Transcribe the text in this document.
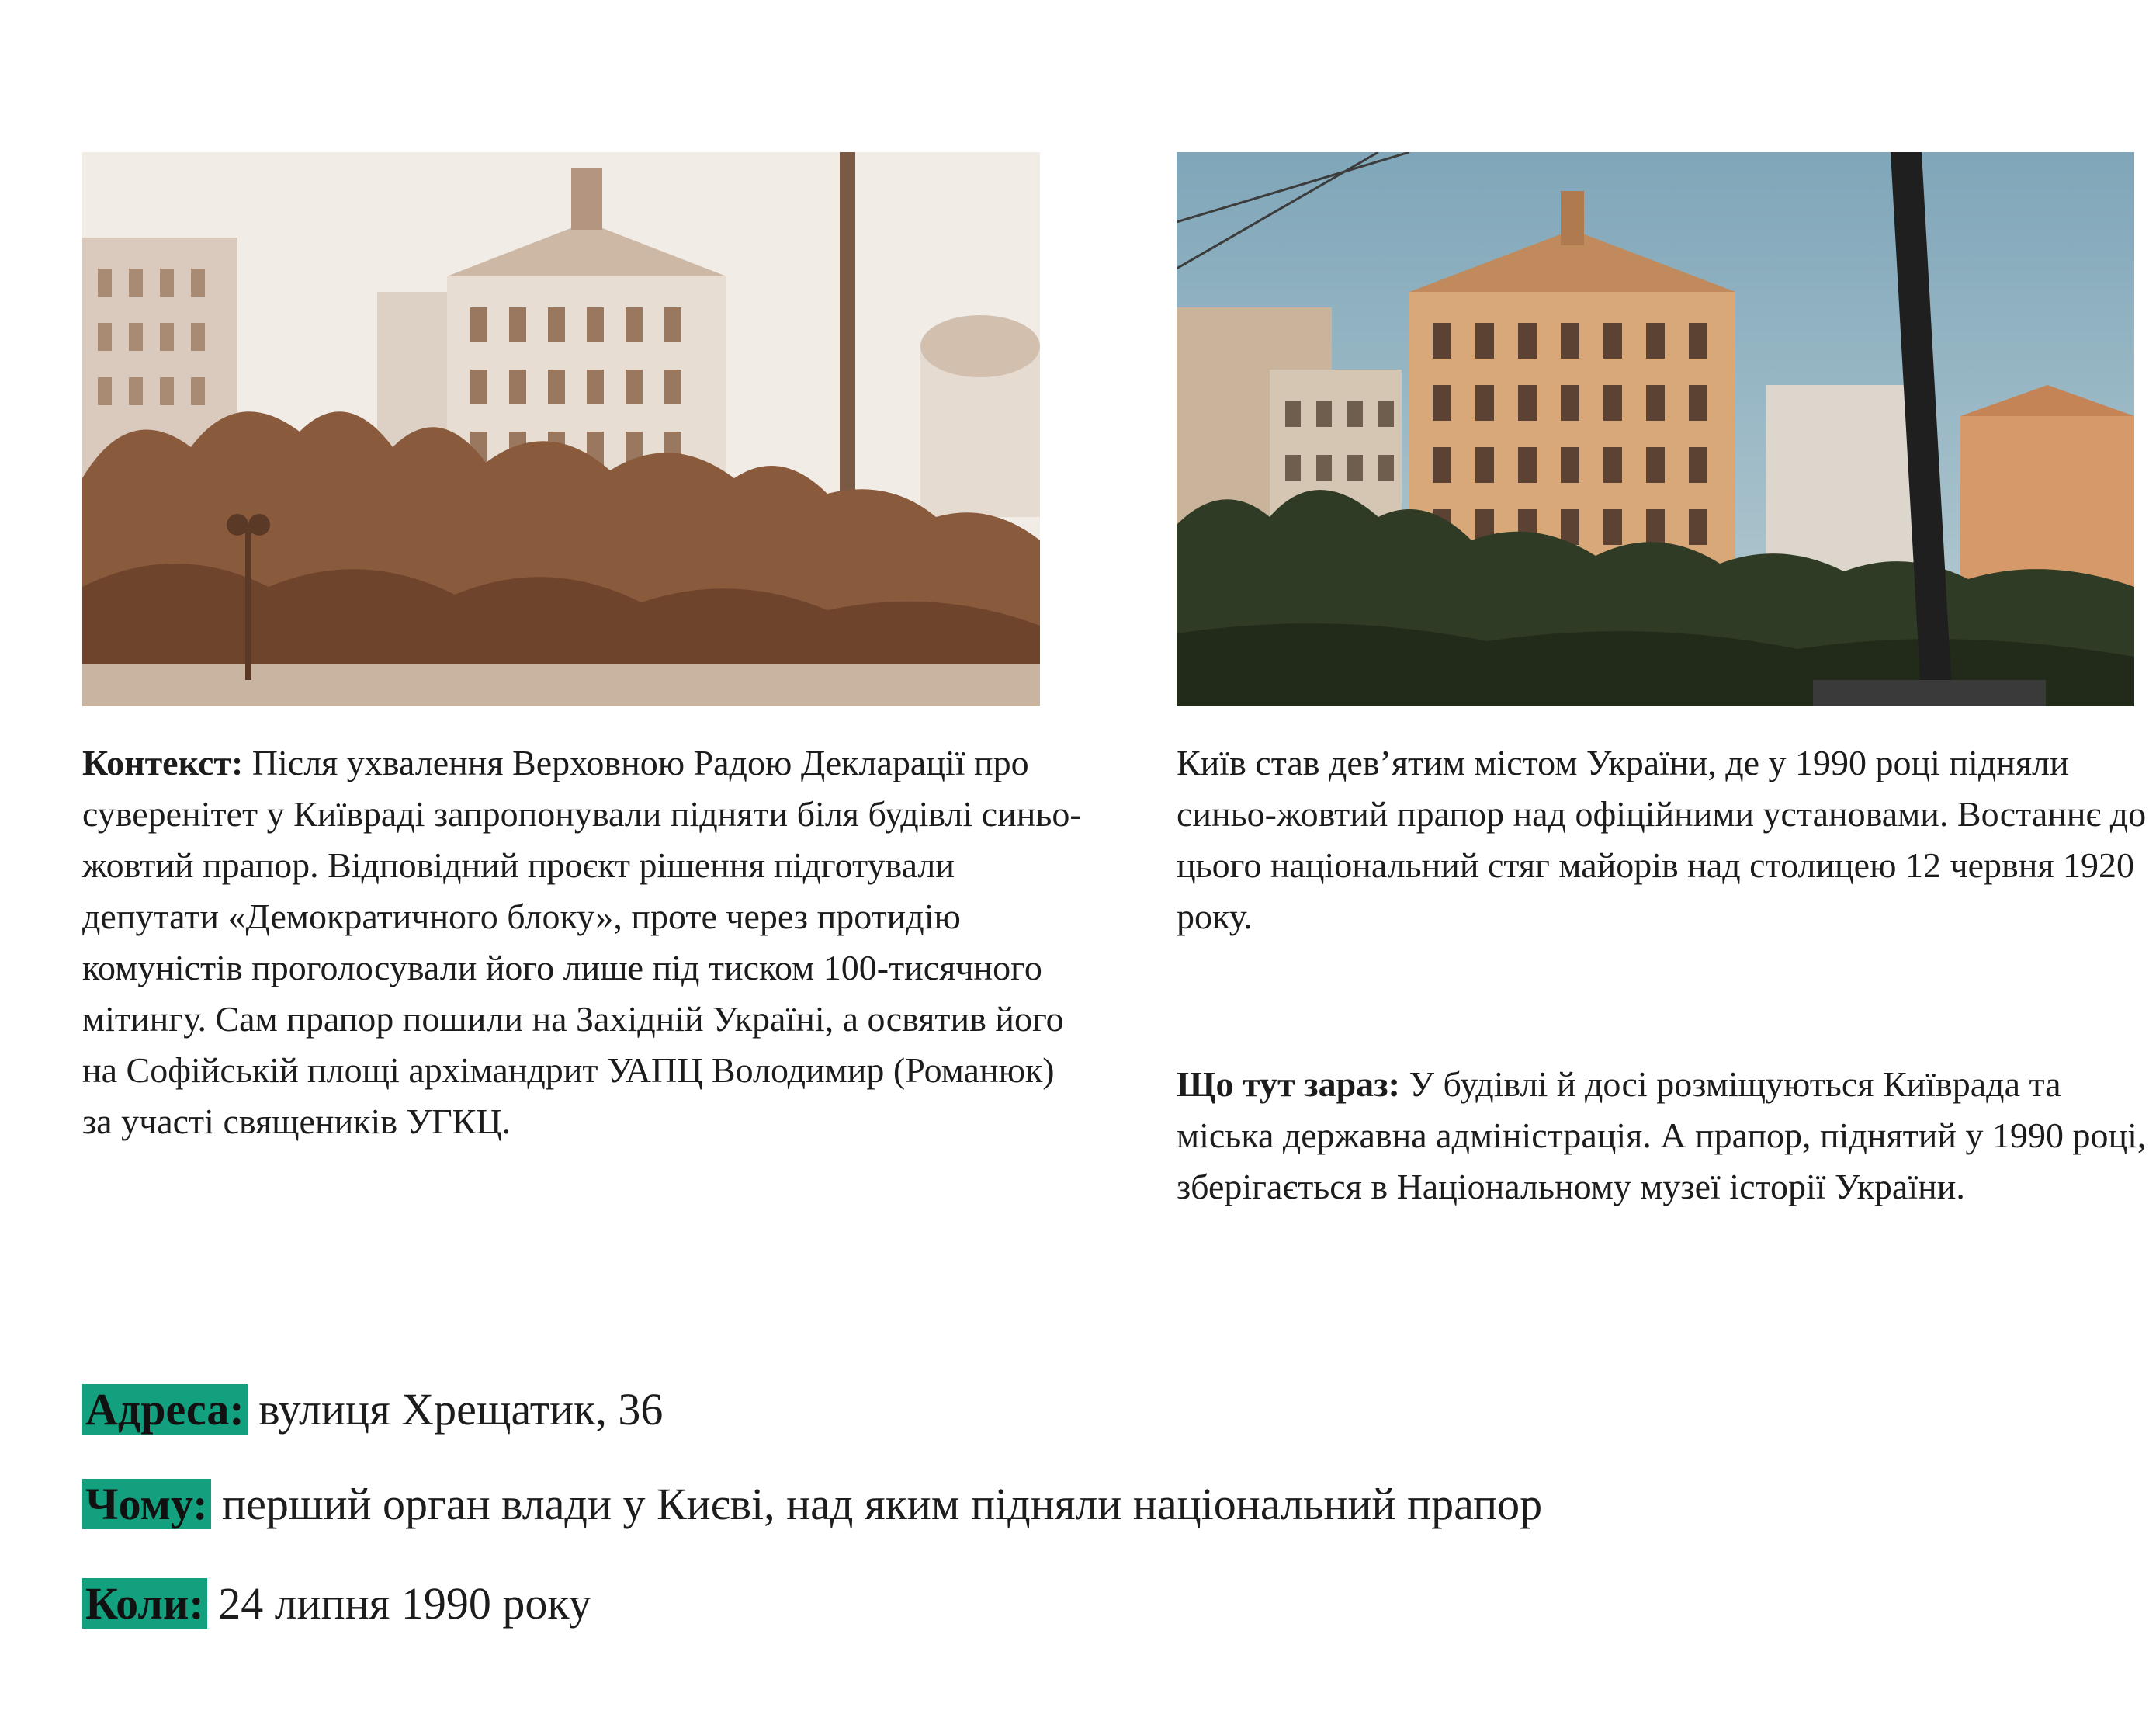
Контекст: Після ухвалення Верховною Радою Декларації про суверенітет у Київраді запропонували підняти біля будівлі синьо-жовтий прапор. Відповідний проєкт рішення підготували депутати «Демократичного блоку», проте через протидію комуністів проголосували його лише під тиском 100-тисячного мітингу. Сам прапор пошили на Західній Україні, а освятив його на Софійській площі архімандрит УАПЦ Володимир (Романюк) за участі священиків УГКЦ.

Київ став дев’ятим містом України, де у 1990 році підняли синьо-жовтий прапор над офіційними установами. Востаннє до цього національний стяг майорів над столицею 12 червня 1920 року.

Що тут зараз: У будівлі й досі розміщуються Київрада та міська державна адміністрація. А прапор, піднятий у 1990 році, зберігається в Національному музеї історії України.

Адреса: вулиця Хрещатик, 36
Чому: перший орган влади у Києві, над яким підняли національний прапор
Коли: 24 липня 1990 року
